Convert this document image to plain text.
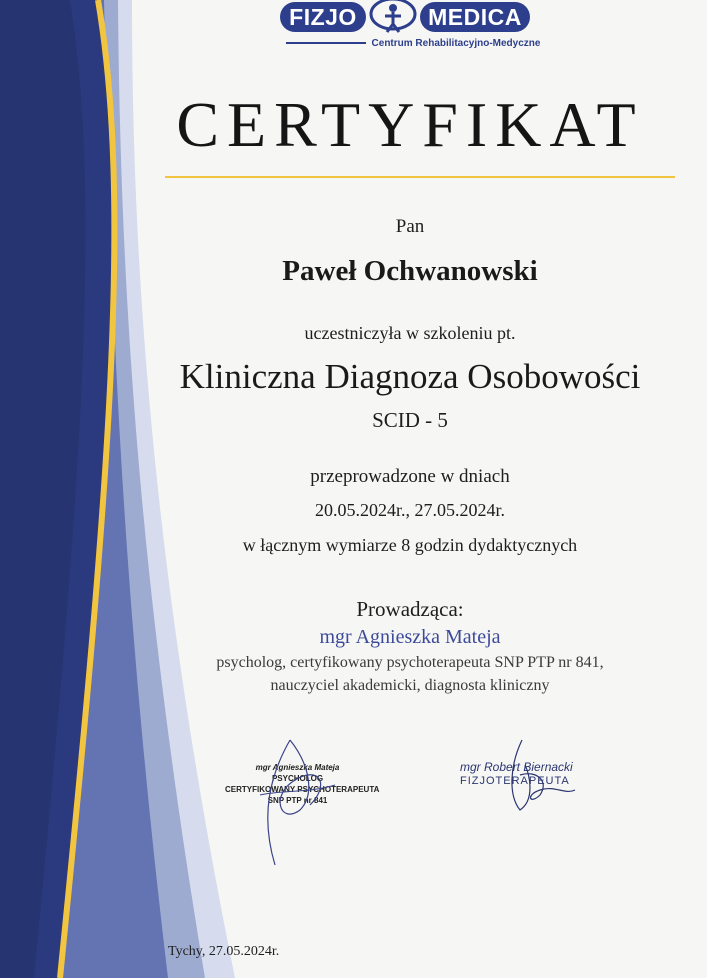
FIZJO	MEDICA
Centrum Rehabilitacyjno-Medyczne
CERTYFIKAT
Pan
Paweł Ochwanowski
uczestniczyła w szkoleniu pt.
Kliniczna Diagnoza Osobowości
SCID - 5
przeprowadzone w dniach
20.05.2024r., 27.05.2024r.
w łącznym wymiarze 8 godzin dydaktycznych
Prowadząca:
mgr Agnieszka Mateja
psycholog, certyfikowany psychoterapeuta SNP PTP nr 841,
nauczyciel akademicki, diagnosta kliniczny
mgr Agnieszka Mateja
PSYCHOLOG
CERTYFIKOWANY PSYCHOTERAPEUTA
SNP PTP nr 841
mgr Robert Biernacki
FIZJOTERAPEUTA
Tychy, 27.05.2024r.
